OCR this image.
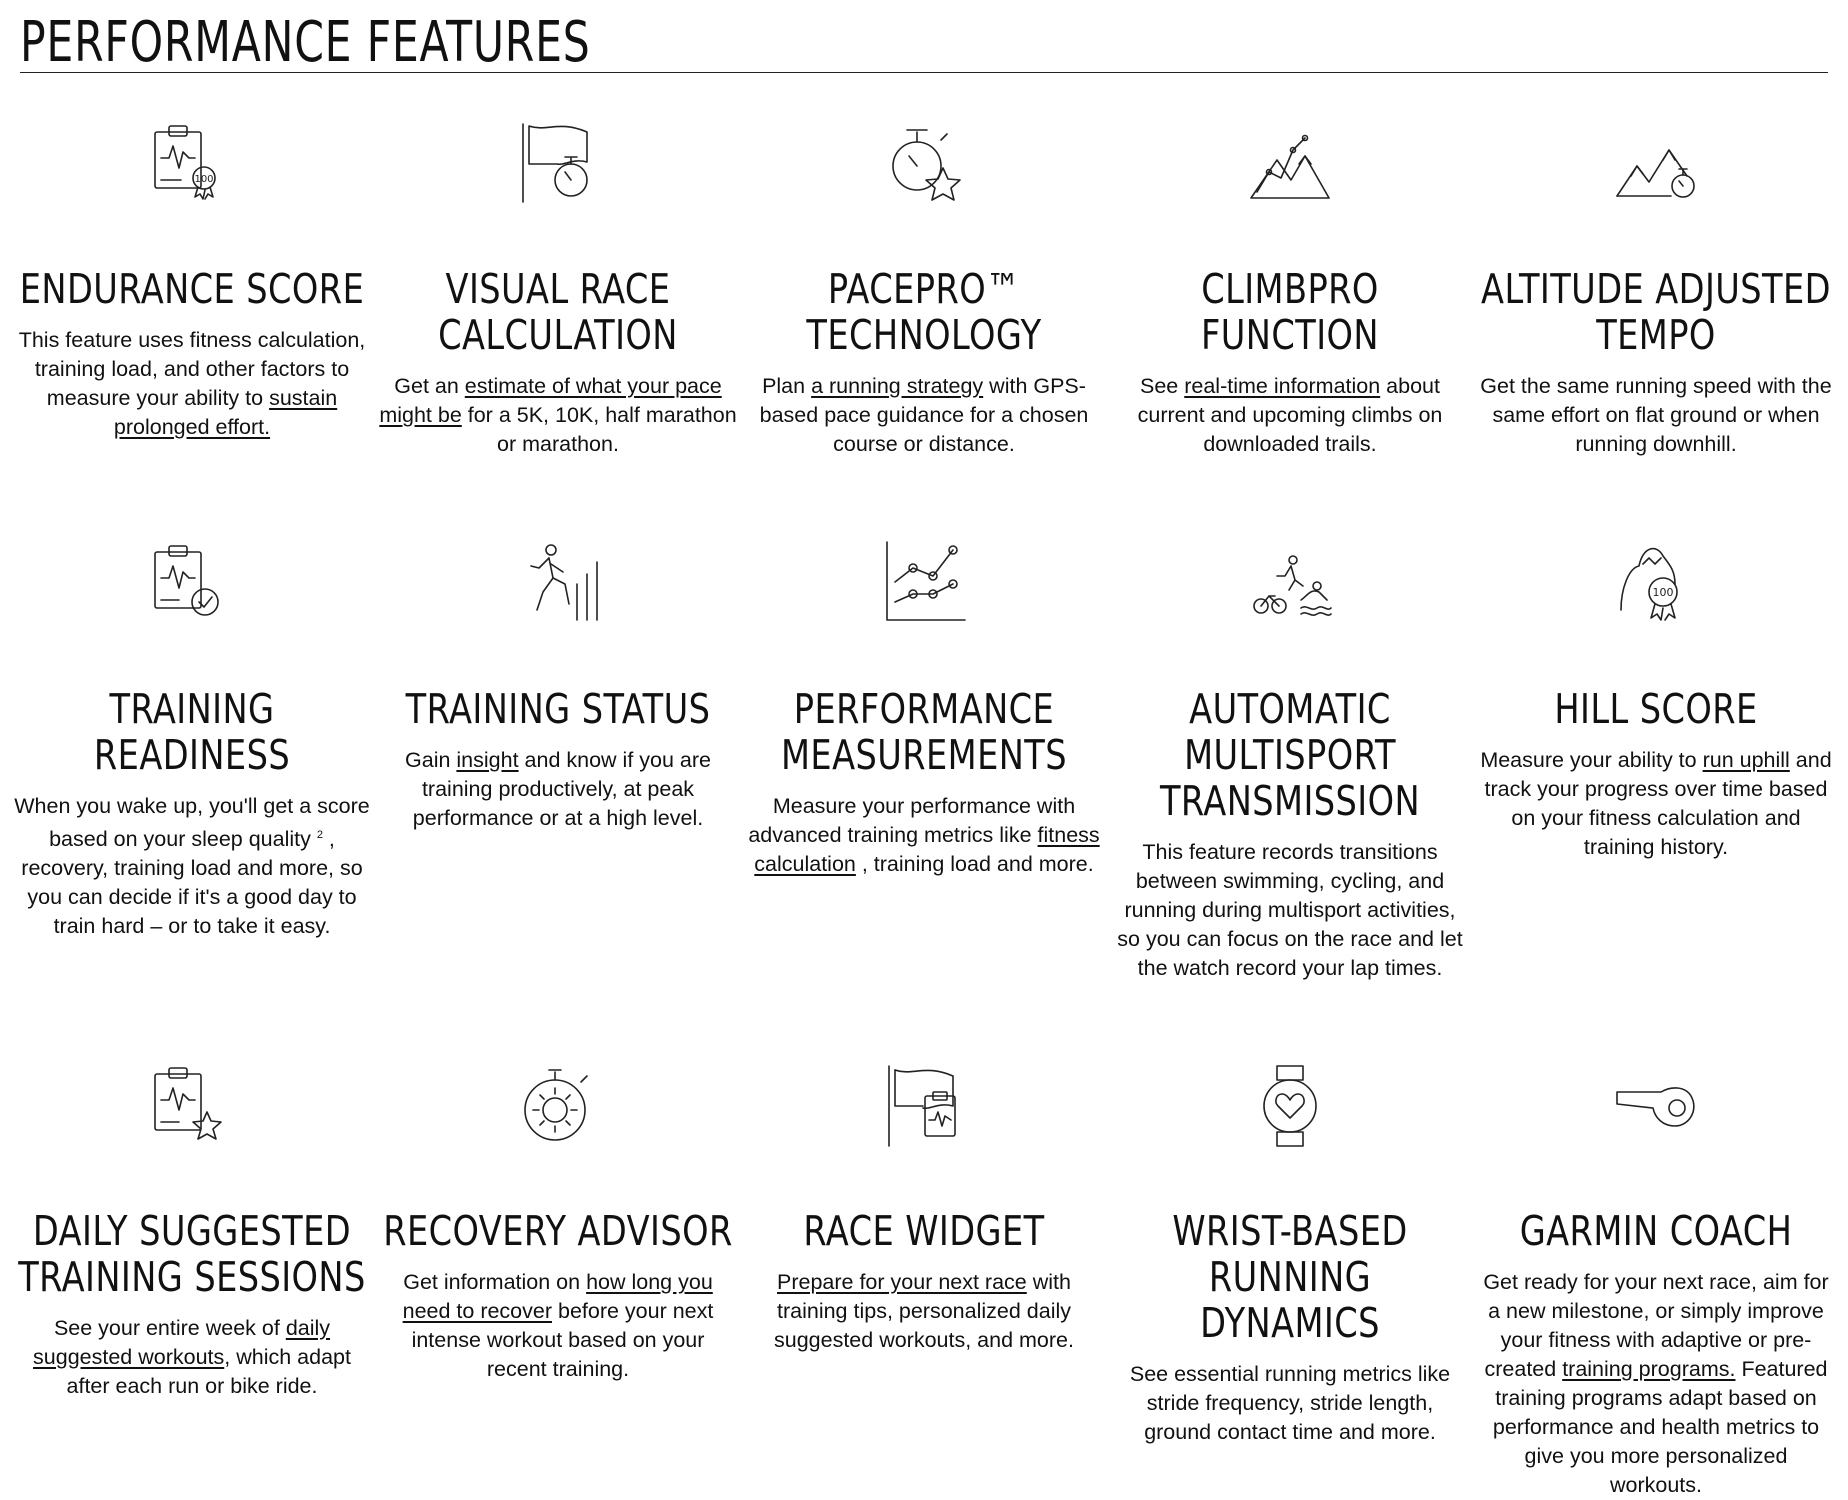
PERFORMANCE FEATURES
100

ENDURANCE SCORE
This feature uses fitness calculation, training load, and other factors to measure your ability to sustain prolonged effort.

VISUAL RACE
CALCULATION
Get an estimate of what your pace might be for a 5K, 10K, half marathon or marathon.

PACEPRO™
TECHNOLOGY
Plan a running strategy with GPS-based pace guidance for a chosen course or distance.

CLIMBPRO FUNCTION
See real-time information about current and upcoming climbs on downloaded trails.

ALTITUDE ADJUSTED
TEMPO
Get the same running speed with the same effort on flat ground or when running downhill.

TRAINING READINESS
When you wake up, you'll get a score based on your sleep quality $^2$ , recovery, training load and more, so you can decide if it's a good day to train hard – or to take it easy.

TRAINING STATUS
Gain insight and know if you are training productively, at peak performance or at a high level.

PERFORMANCE
MEASUREMENTS
Measure your performance with advanced training metrics like fitness calculation , training load and more.

AUTOMATIC
MULTISPORT
TRANSMISSION
This feature records transitions between swimming, cycling, and running during multisport activities, so you can focus on the race and let the watch record your lap times.
100

HILL SCORE
Measure your ability to run uphill and track your progress over time based on your fitness calculation and training history.

DAILY SUGGESTED
TRAINING SESSIONS
See your entire week of daily suggested workouts, which adapt after each run or bike ride.

RECOVERY ADVISOR
Get information on how long you need to recover before your next intense workout based on your recent training.

RACE WIDGET
Prepare for your next race with training tips, personalized daily suggested workouts, and more.

WRIST-BASED RUNNING
DYNAMICS
See essential running metrics like stride frequency, stride length, ground contact time and more.

GARMIN COACH
Get ready for your next race, aim for a new milestone, or simply improve your fitness with adaptive or pre-created training programs. Featured training programs adapt based on performance and health metrics to give you more personalized workouts.
